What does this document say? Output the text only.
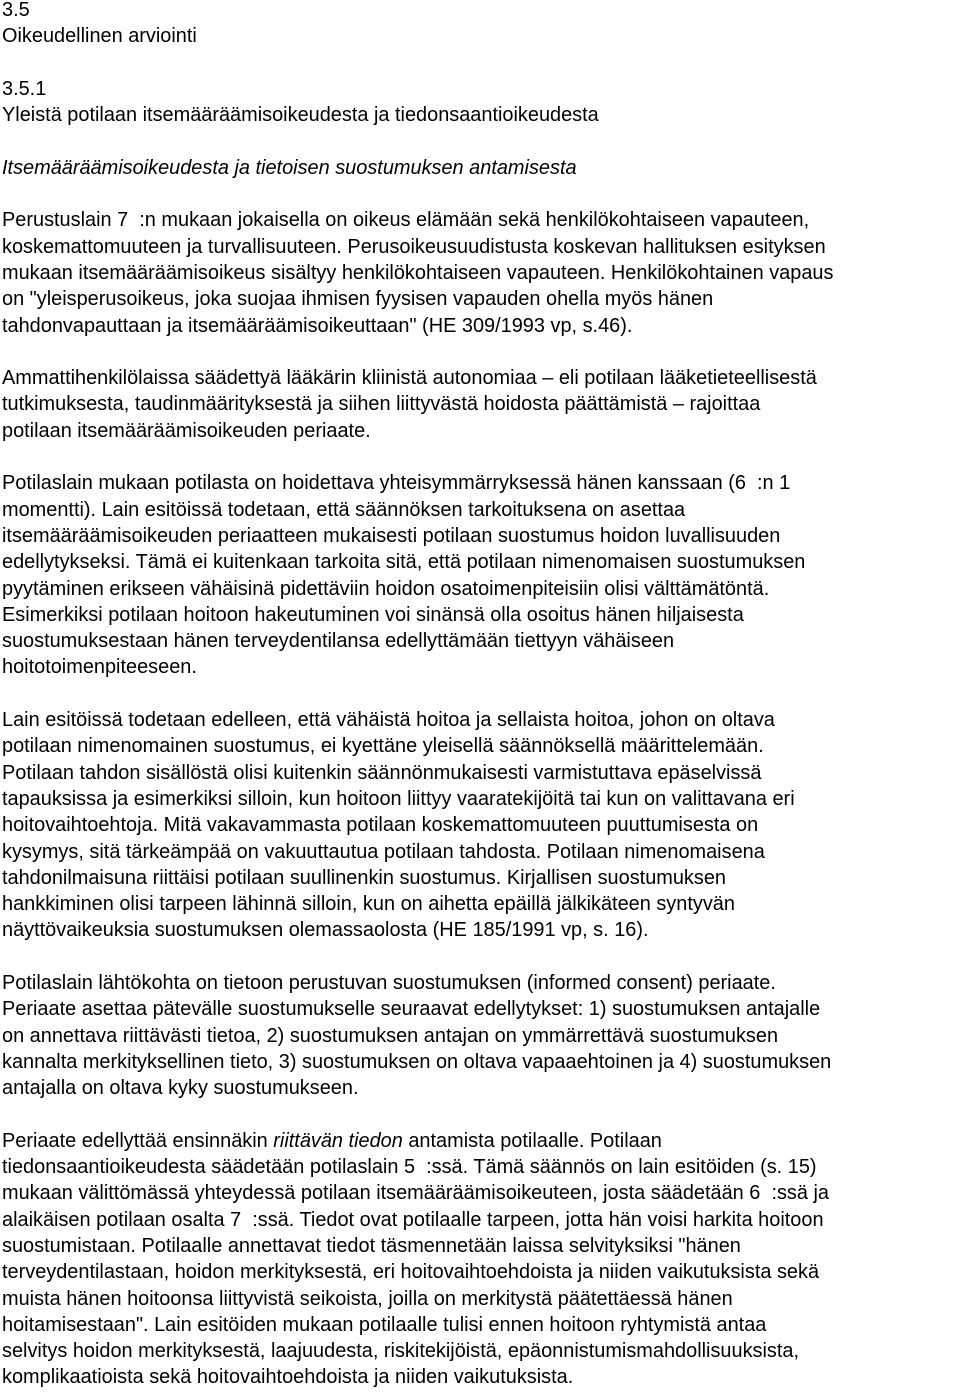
3.5
Oikeudellinen arviointi
3.5.1
Yleistä potilaan itsemääräämisoikeudesta ja tiedonsaantioikeudesta
Itsemääräämisoikeudesta ja tietoisen suostumuksen antamisesta
Perustuslain 7  :n mukaan jokaisella on oikeus elämään sekä henkilökohtaiseen vapauteen,
koskemattomuuteen ja turvallisuuteen. Perusoikeusuudistusta koskevan hallituksen esityksen
mukaan itsemääräämisoikeus sisältyy henkilökohtaiseen vapauteen. Henkilökohtainen vapaus
on "yleisperusoikeus, joka suojaa ihmisen fyysisen vapauden ohella myös hänen
tahdonvapauttaan ja itsemääräämisoikeuttaan" (HE 309/1993 vp, s.46).
Ammattihenkilölaissa säädettyä lääkärin kliinistä autonomiaa – eli potilaan lääketieteellisestä
tutkimuksesta, taudinmäärityksestä ja siihen liittyvästä hoidosta päättämistä – rajoittaa
potilaan itsemääräämisoikeuden periaate.
Potilaslain mukaan potilasta on hoidettava yhteisymmärryksessä hänen kanssaan (6  :n 1
momentti). Lain esitöissä todetaan, että säännöksen tarkoituksena on asettaa
itsemääräämisoikeuden periaatteen mukaisesti potilaan suostumus hoidon luvallisuuden
edellytykseksi. Tämä ei kuitenkaan tarkoita sitä, että potilaan nimenomaisen suostumuksen
pyytäminen erikseen vähäisinä pidettäviin hoidon osatoimenpiteisiin olisi välttämätöntä.
Esimerkiksi potilaan hoitoon hakeutuminen voi sinänsä olla osoitus hänen hiljaisesta
suostumuksestaan hänen terveydentilansa edellyttämään tiettyyn vähäiseen
hoitotoimenpiteeseen.
Lain esitöissä todetaan edelleen, että vähäistä hoitoa ja sellaista hoitoa, johon on oltava
potilaan nimenomainen suostumus, ei kyettäne yleisellä säännöksellä määrittelemään.
Potilaan tahdon sisällöstä olisi kuitenkin säännönmukaisesti varmistuttava epäselvissä
tapauksissa ja esimerkiksi silloin, kun hoitoon liittyy vaaratekijöitä tai kun on valittavana eri
hoitovaihtoehtoja. Mitä vakavammasta potilaan koskemattomuuteen puuttumisesta on
kysymys, sitä tärkeämpää on vakuuttautua potilaan tahdosta. Potilaan nimenomaisena
tahdonilmaisuna riittäisi potilaan suullinenkin suostumus. Kirjallisen suostumuksen
hankkiminen olisi tarpeen lähinnä silloin, kun on aihetta epäillä jälkikäteen syntyvän
näyttövaikeuksia suostumuksen olemassaolosta (HE 185/1991 vp, s. 16).
Potilaslain lähtökohta on tietoon perustuvan suostumuksen (informed consent) periaate.
Periaate asettaa pätevälle suostumukselle seuraavat edellytykset: 1) suostumuksen antajalle
on annettava riittävästi tietoa, 2) suostumuksen antajan on ymmärrettävä suostumuksen
kannalta merkityksellinen tieto, 3) suostumuksen on oltava vapaaehtoinen ja 4) suostumuksen
antajalla on oltava kyky suostumukseen.
Periaate edellyttää ensinnäkin riittävän tiedon antamista potilaalle. Potilaan
tiedonsaantioikeudesta säädetään potilaslain 5  :ssä. Tämä säännös on lain esitöiden (s. 15)
mukaan välittömässä yhteydessä potilaan itsemääräämisoikeuteen, josta säädetään 6  :ssä ja
alaikäisen potilaan osalta 7  :ssä. Tiedot ovat potilaalle tarpeen, jotta hän voisi harkita hoitoon
suostumistaan. Potilaalle annettavat tiedot täsmennetään laissa selvityksiksi "hänen
terveydentilastaan, hoidon merkityksestä, eri hoitovaihtoehdoista ja niiden vaikutuksista sekä
muista hänen hoitoonsa liittyvistä seikoista, joilla on merkitystä päätettäessä hänen
hoitamisestaan". Lain esitöiden mukaan potilaalle tulisi ennen hoitoon ryhtymistä antaa
selvitys hoidon merkityksestä, laajuudesta, riskitekijöistä, epäonnistumismahdollisuuksista,
komplikaatioista sekä hoitovaihtoehdoista ja niiden vaikutuksista.
